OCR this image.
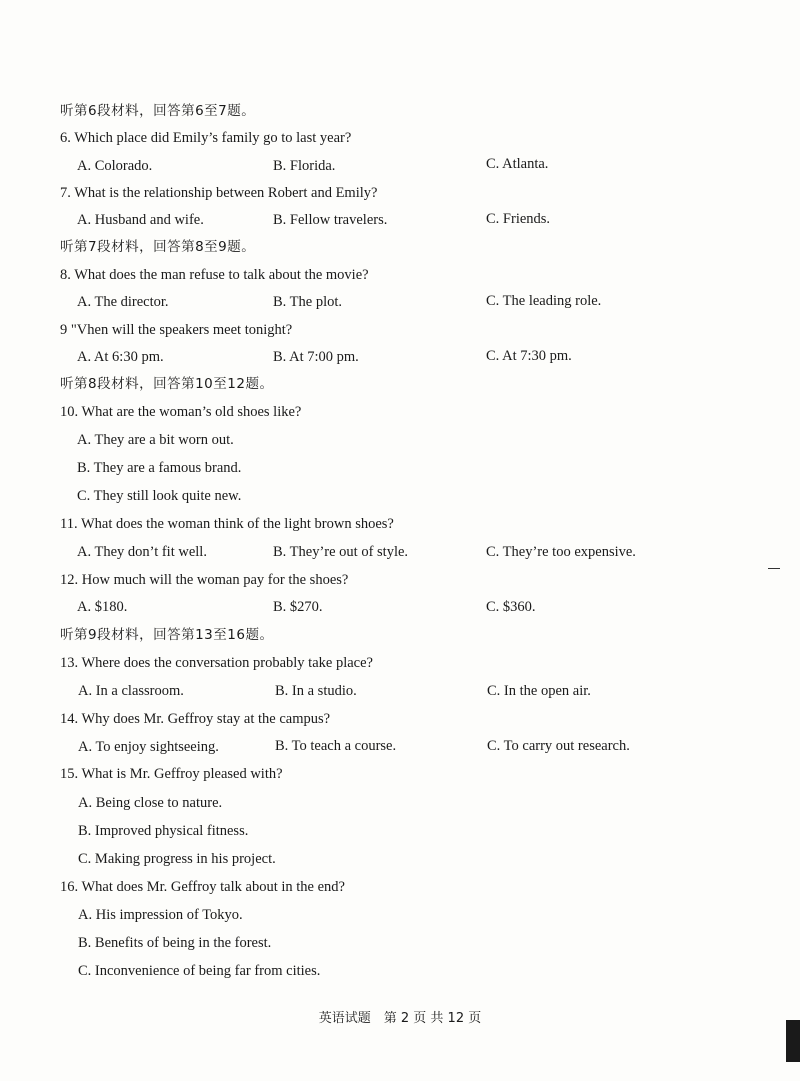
听第6段材料，回答第6至7题。
6. Which place did Emily’s family go to last year?
A. Colorado.	B. Florida.	C. Atlanta.
7. What is the relationship between Robert and Emily?
A. Husband and wife.	B. Fellow travelers.	C. Friends.
听第7段材料，回答第8至9题。
8. What does the man refuse to talk about the movie?
A. The director.	B. The plot.	C. The leading role.
9 "Vhen will the speakers meet tonight?
A. At 6:30 pm.	B. At 7:00 pm.	C. At 7:30 pm.
听第8段材料，回答第10至12题。
10. What are the woman’s old shoes like?
A. They are a bit worn out.
B. They are a famous brand.
C. They still look quite new.
11. What does the woman think of the light brown shoes?
A. They don’t fit well.	B. They’re out of style.	C. They’re too expensive.
12. How much will the woman pay for the shoes?
A. $180.	B. $270.	C. $360.
听第9段材料，回答第13至16题。
13. Where does the conversation probably take place?
A. In a classroom.	B. In a studio.	C. In the open air.
14. Why does Mr. Geffroy stay at the campus?
A. To enjoy sightseeing.	B. To teach a course.	C. To carry out research.
15. What is Mr. Geffroy pleased with?
A. Being close to nature.
B. Improved physical fitness.
C. Making progress in his project.
16. What does Mr. Geffroy talk about in the end?
A. His impression of Tokyo.
B. Benefits of being in the forest.
C. Inconvenience of being far from cities.
英语试题　第 2 页 共 12 页
